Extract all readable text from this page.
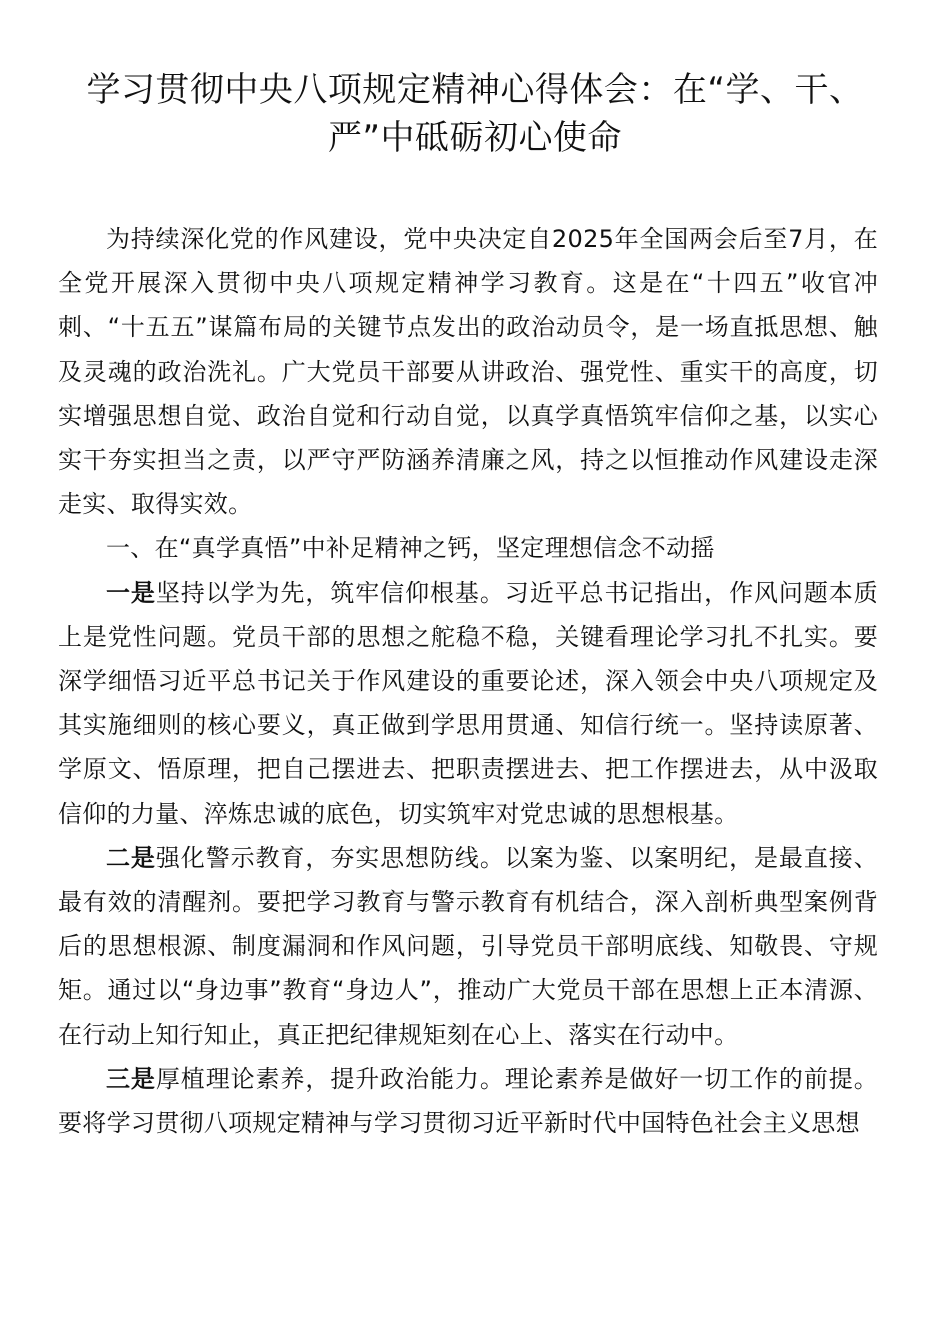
学习贯彻中央八项规定精神心得体会：在“学、干、
严”中砥砺初心使命

为持续深化党的作风建设，党中央决定自2025年全国两会后至7月，在全党开展深入贯彻中央八项规定精神学习教育。这是在“十四五”收官冲刺、“十五五”谋篇布局的关键节点发出的政治动员令，是一场直抵思想、触及灵魂的政治洗礼。广大党员干部要从讲政治、强党性、重实干的高度，切实增强思想自觉、政治自觉和行动自觉，以真学真悟筑牢信仰之基，以实心实干夯实担当之责，以严守严防涵养清廉之风，持之以恒推动作风建设走深走实、取得实效。

一、在“真学真悟”中补足精神之钙，坚定理想信念不动摇

一是坚持以学为先，筑牢信仰根基。习近平总书记指出，作风问题本质上是党性问题。党员干部的思想之舵稳不稳，关键看理论学习扎不扎实。要深学细悟习近平总书记关于作风建设的重要论述，深入领会中央八项规定及其实施细则的核心要义，真正做到学思用贯通、知信行统一。坚持读原著、学原文、悟原理，把自己摆进去、把职责摆进去、把工作摆进去，从中汲取信仰的力量、淬炼忠诚的底色，切实筑牢对党忠诚的思想根基。

二是强化警示教育，夯实思想防线。以案为鉴、以案明纪，是最直接、最有效的清醒剂。要把学习教育与警示教育有机结合，深入剖析典型案例背后的思想根源、制度漏洞和作风问题，引导党员干部明底线、知敬畏、守规矩。通过以“身边事”教育“身边人”，推动广大党员干部在思想上正本清源、在行动上知行知止，真正把纪律规矩刻在心上、落实在行动中。

三是厚植理论素养，提升政治能力。理论素养是做好一切工作的前提。要将学习贯彻八项规定精神与学习贯彻习近平新时代中国特色社会主义思想
